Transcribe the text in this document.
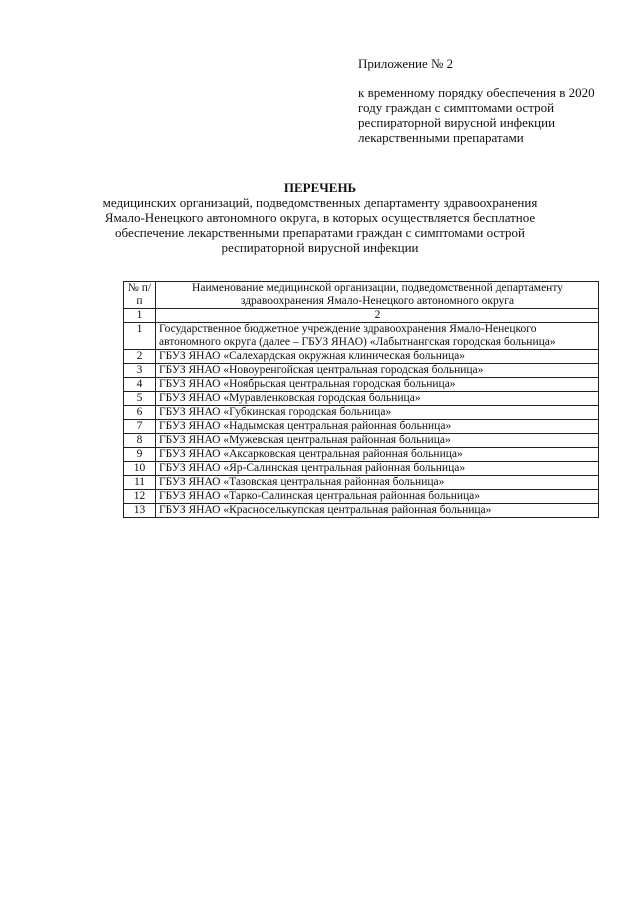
Приложение № 2
к временному порядку обеспечения в 2020 году граждан с симптомами острой респираторной вирусной инфекции лекарственными препаратами
ПЕРЕЧЕНЬ
медицинских организаций, подведомственных департаменту здравоохранения Ямало-Ненецкого автономного округа, в которых осуществляется бесплатное обеспечение лекарственными препаратами граждан с симптомами острой респираторной вирусной инфекции
№ п/п	Наименование медицинской организации, подведомственной департаменту здравоохранения Ямало-Ненецкого автономного округа
1	2
1	Государственное бюджетное учреждение здравоохранения Ямало-Ненецкого автономного округа (далее – ГБУЗ ЯНАО) «Лабытнангская городская больница»
2	ГБУЗ ЯНАО «Салехардская окружная клиническая больница»
3	ГБУЗ ЯНАО «Новоуренгойская центральная городская больница»
4	ГБУЗ ЯНАО «Ноябрьская центральная городская больница»
5	ГБУЗ ЯНАО «Муравленковская городская больница»
6	ГБУЗ ЯНАО «Губкинская городская больница»
7	ГБУЗ ЯНАО «Надымская центральная районная больница»
8	ГБУЗ ЯНАО «Мужевская центральная районная больница»
9	ГБУЗ ЯНАО «Аксарковская центральная районная больница»
10	ГБУЗ ЯНАО «Яр-Салинская центральная районная больница»
11	ГБУЗ ЯНАО «Тазовская центральная районная больница»
12	ГБУЗ ЯНАО «Тарко-Салинская центральная районная больница»
13	ГБУЗ ЯНАО «Красноселькупская центральная районная больница»
